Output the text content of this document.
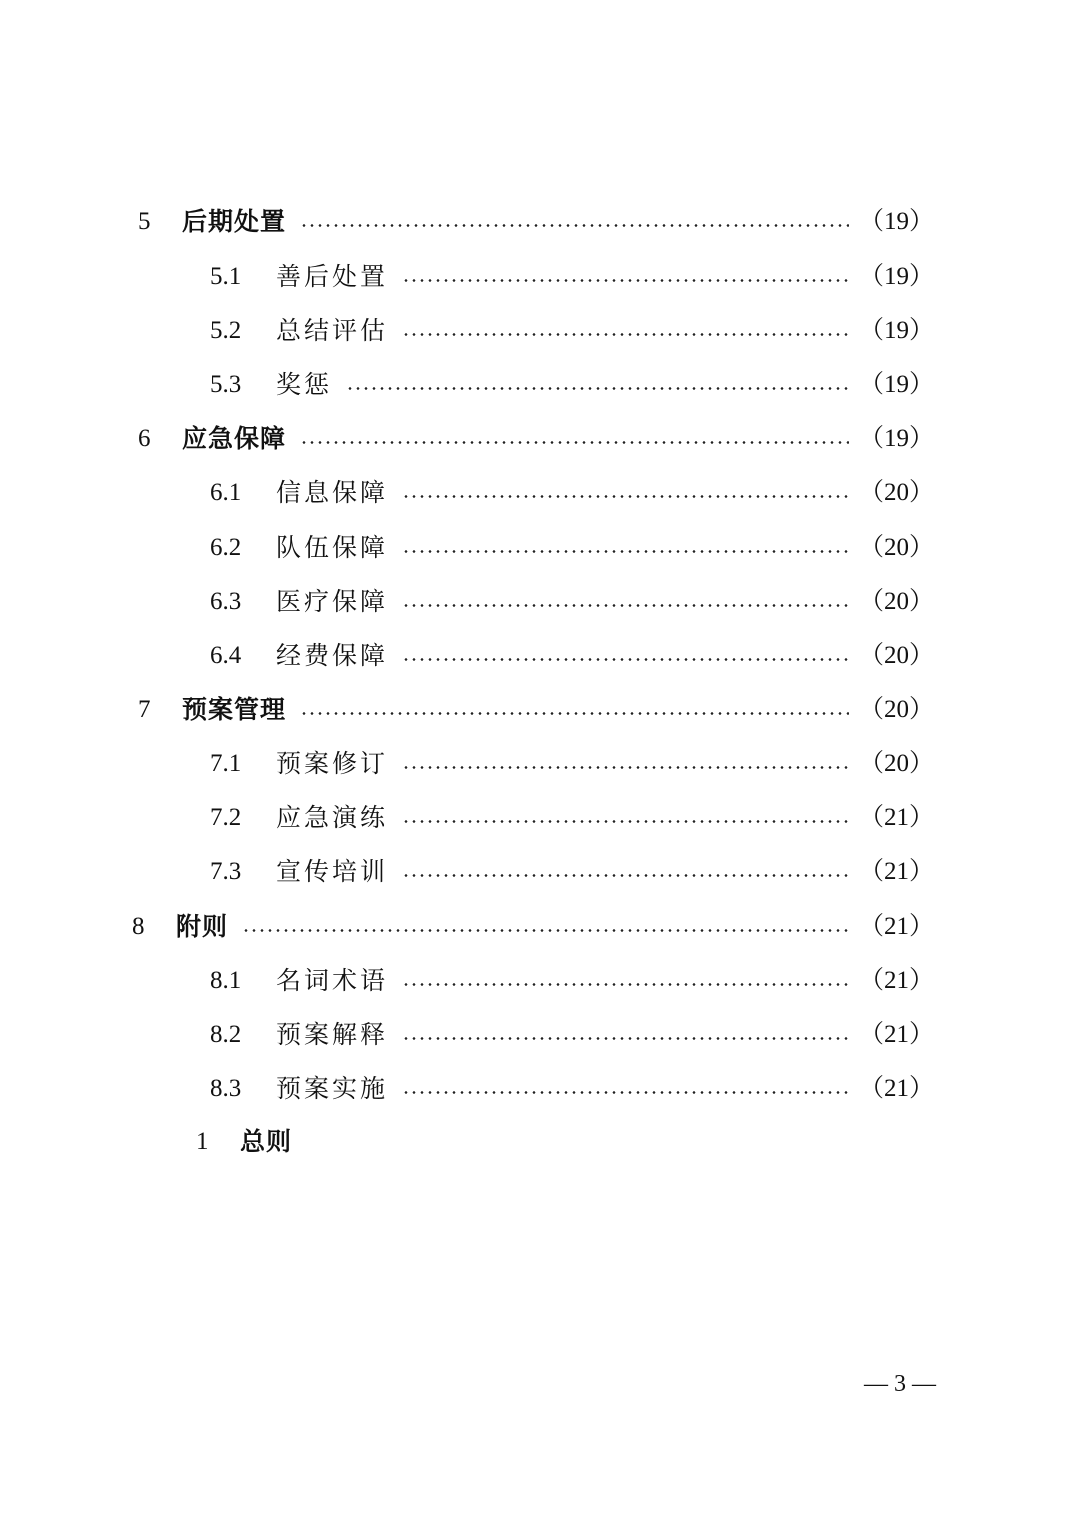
5	后期处置	（19）
5.1	善后处置	（19）
5.2	总结评估	（19）
5.3	奖惩	（19）
6	应急保障	（19）
6.1	信息保障	（20）
6.2	队伍保障	（20）
6.3	医疗保障	（20）
6.4	经费保障	（20）
7	预案管理	（20）
7.1	预案修订	（20）
7.2	应急演练	（21）
7.3	宣传培训	（21）
8	附则	（21）
8.1	名词术语	（21）
8.2	预案解释	（21）
8.3	预案实施	（21）
1	总则
— 3 —
